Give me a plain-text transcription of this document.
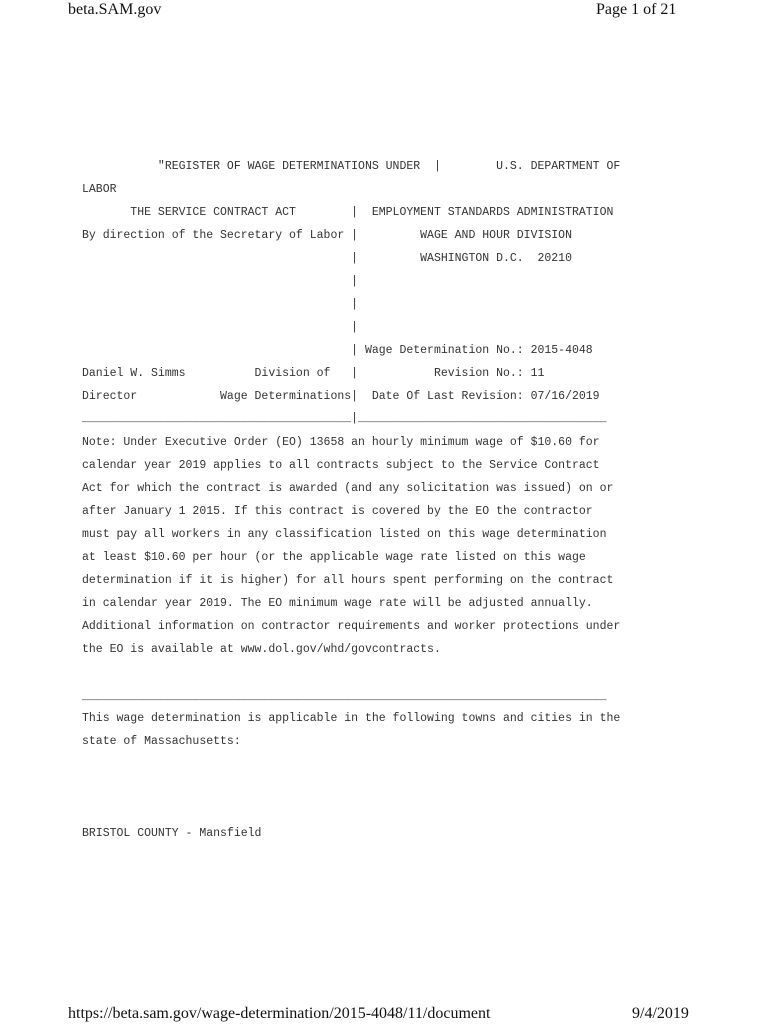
beta.SAM.gov	Page 1 of 21
"REGISTER OF WAGE DETERMINATIONS UNDER  |        U.S. DEPARTMENT OF
LABOR
THE SERVICE CONTRACT ACT        |  EMPLOYMENT STANDARDS ADMINISTRATION
By direction of the Secretary of Labor |         WAGE AND HOUR DIVISION
|         WASHINGTON D.C.  20210
|
|
|
| Wage Determination No.: 2015-4048
Daniel W. Simms          Division of   |           Revision No.: 11
Director            Wage Determinations|  Date Of Last Revision: 07/16/2019
_______________________________________|____________________________________
Note: Under Executive Order (EO) 13658 an hourly minimum wage of $10.60 for
calendar year 2019 applies to all contracts subject to the Service Contract
Act for which the contract is awarded (and any solicitation was issued) on or
after January 1 2015. If this contract is covered by the EO the contractor
must pay all workers in any classification listed on this wage determination
at least $10.60 per hour (or the applicable wage rate listed on this wage
determination if it is higher) for all hours spent performing on the contract
in calendar year 2019. The EO minimum wage rate will be adjusted annually.
Additional information on contractor requirements and worker protections under
the EO is available at www.dol.gov/whd/govcontracts.
____________________________________________________________________________
This wage determination is applicable in the following towns and cities in the
state of Massachusetts:
BRISTOL COUNTY - Mansfield
https://beta.sam.gov/wage-determination/2015-4048/11/document	9/4/2019
